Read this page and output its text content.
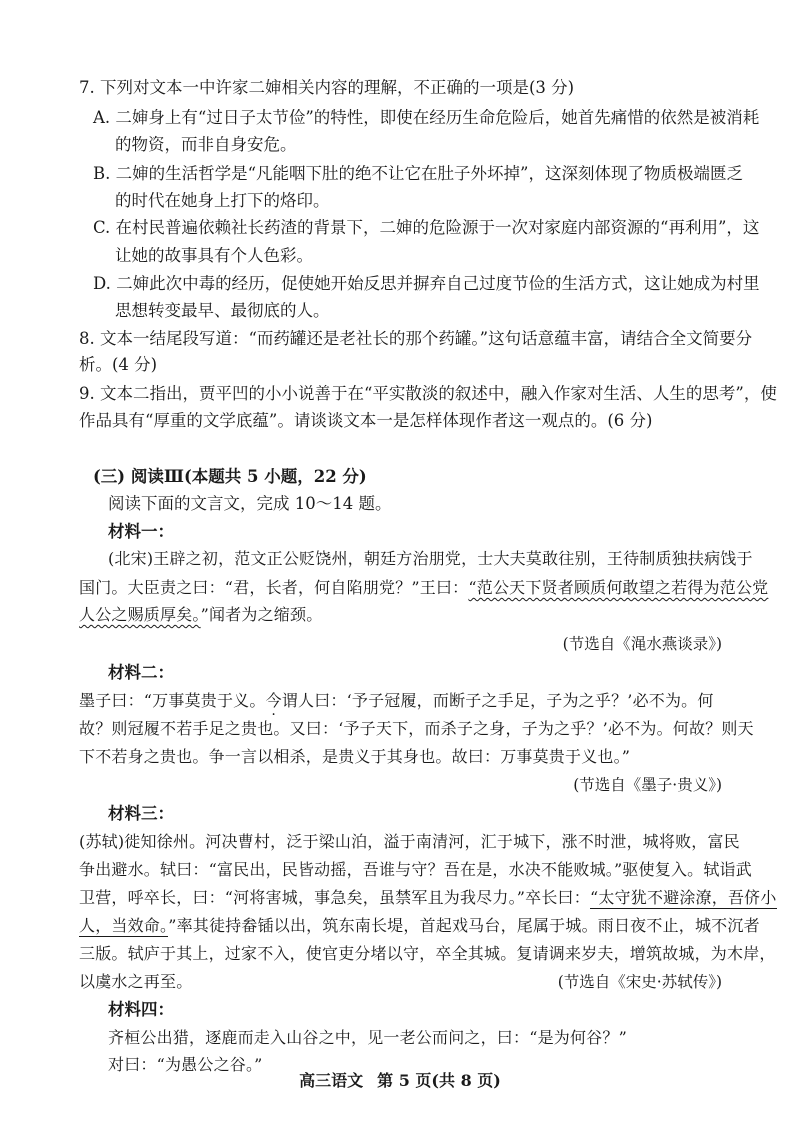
7. 下列对文本一中许家二婶相关内容的理解，不正确的一项是(3 分)
A. 二婶身上有“过日子太节俭”的特性，即使在经历生命危险后，她首先痛惜的依然是被消耗
的物资，而非自身安危。
B. 二婶的生活哲学是“凡能咽下肚的绝不让它在肚子外坏掉”，这深刻体现了物质极端匮乏
的时代在她身上打下的烙印。
C. 在村民普遍依赖社长药渣的背景下，二婶的危险源于一次对家庭内部资源的“再利用”，这
让她的故事具有个人色彩。
D. 二婶此次中毒的经历，促使她开始反思并摒弃自己过度节俭的生活方式，这让她成为村里
思想转变最早、最彻底的人。
8. 文本一结尾段写道：“而药罐还是老社长的那个药罐。”这句话意蕴丰富，请结合全文简要分
析。(4 分)
9. 文本二指出，贾平凹的小小说善于在“平实散淡的叙述中，融入作家对生活、人生的思考”，使
作品具有“厚重的文学底蕴”。请谈谈文本一是怎样体现作者这一观点的。(6 分)
(三) 阅读Ⅲ(本题共 5 小题，22 分)
阅读下面的文言文，完成 10～14 题。
材料一：
(北宋)王辟之初，范文正公贬饶州，朝廷方治朋党，士大夫莫敢往别，王待制质独扶病饯于
国门。大臣责之曰：“君，长者，何自陷朋党？”王曰：“范公天下贤者顾质何敢望之若得为范公党
人公之赐质厚矣。”闻者为之缩颈。
(节选自《渑水燕谈录》)
材料二：
墨子曰：“万事莫贵于义。今谓人曰：‘予子冠履，而断子之手足，子为之乎？’必不为。何
故？则冠履不若手足之贵也。又曰：‘予子天下，而杀子之身，子为之乎？’必不为。何故？则天
下不若身之贵也。争一言以相杀，是贵义于其身也。故曰：万事莫贵于义也。”
(节选自《墨子·贵义》)
材料三：
(苏轼)徙知徐州。河决曹村，泛于梁山泊，溢于南清河，汇于城下，涨不时泄，城将败，富民
争出避水。轼曰：“富民出，民皆动摇，吾谁与守？吾在是，水决不能败城。”驱使复入。轼诣武
卫营，呼卒长，曰：“河将害城，事急矣，虽禁军且为我尽力。”卒长曰：“太守犹不避涂潦，吾侪小
人，当效命。”率其徒持畚锸以出，筑东南长堤，首起戏马台，尾属于城。雨日夜不止，城不沉者
三版。轼庐于其上，过家不入，使官吏分堵以守，卒全其城。复请调来岁夫，增筑故城，为木岸，
以虞水之再至。	(节选自《宋史·苏轼传》)
材料四：
齐桓公出猎，逐鹿而走入山谷之中，见一老公而问之，曰：“是为何谷？”
对曰：“为愚公之谷。”
高三语文 第 5 页(共 8 页)
